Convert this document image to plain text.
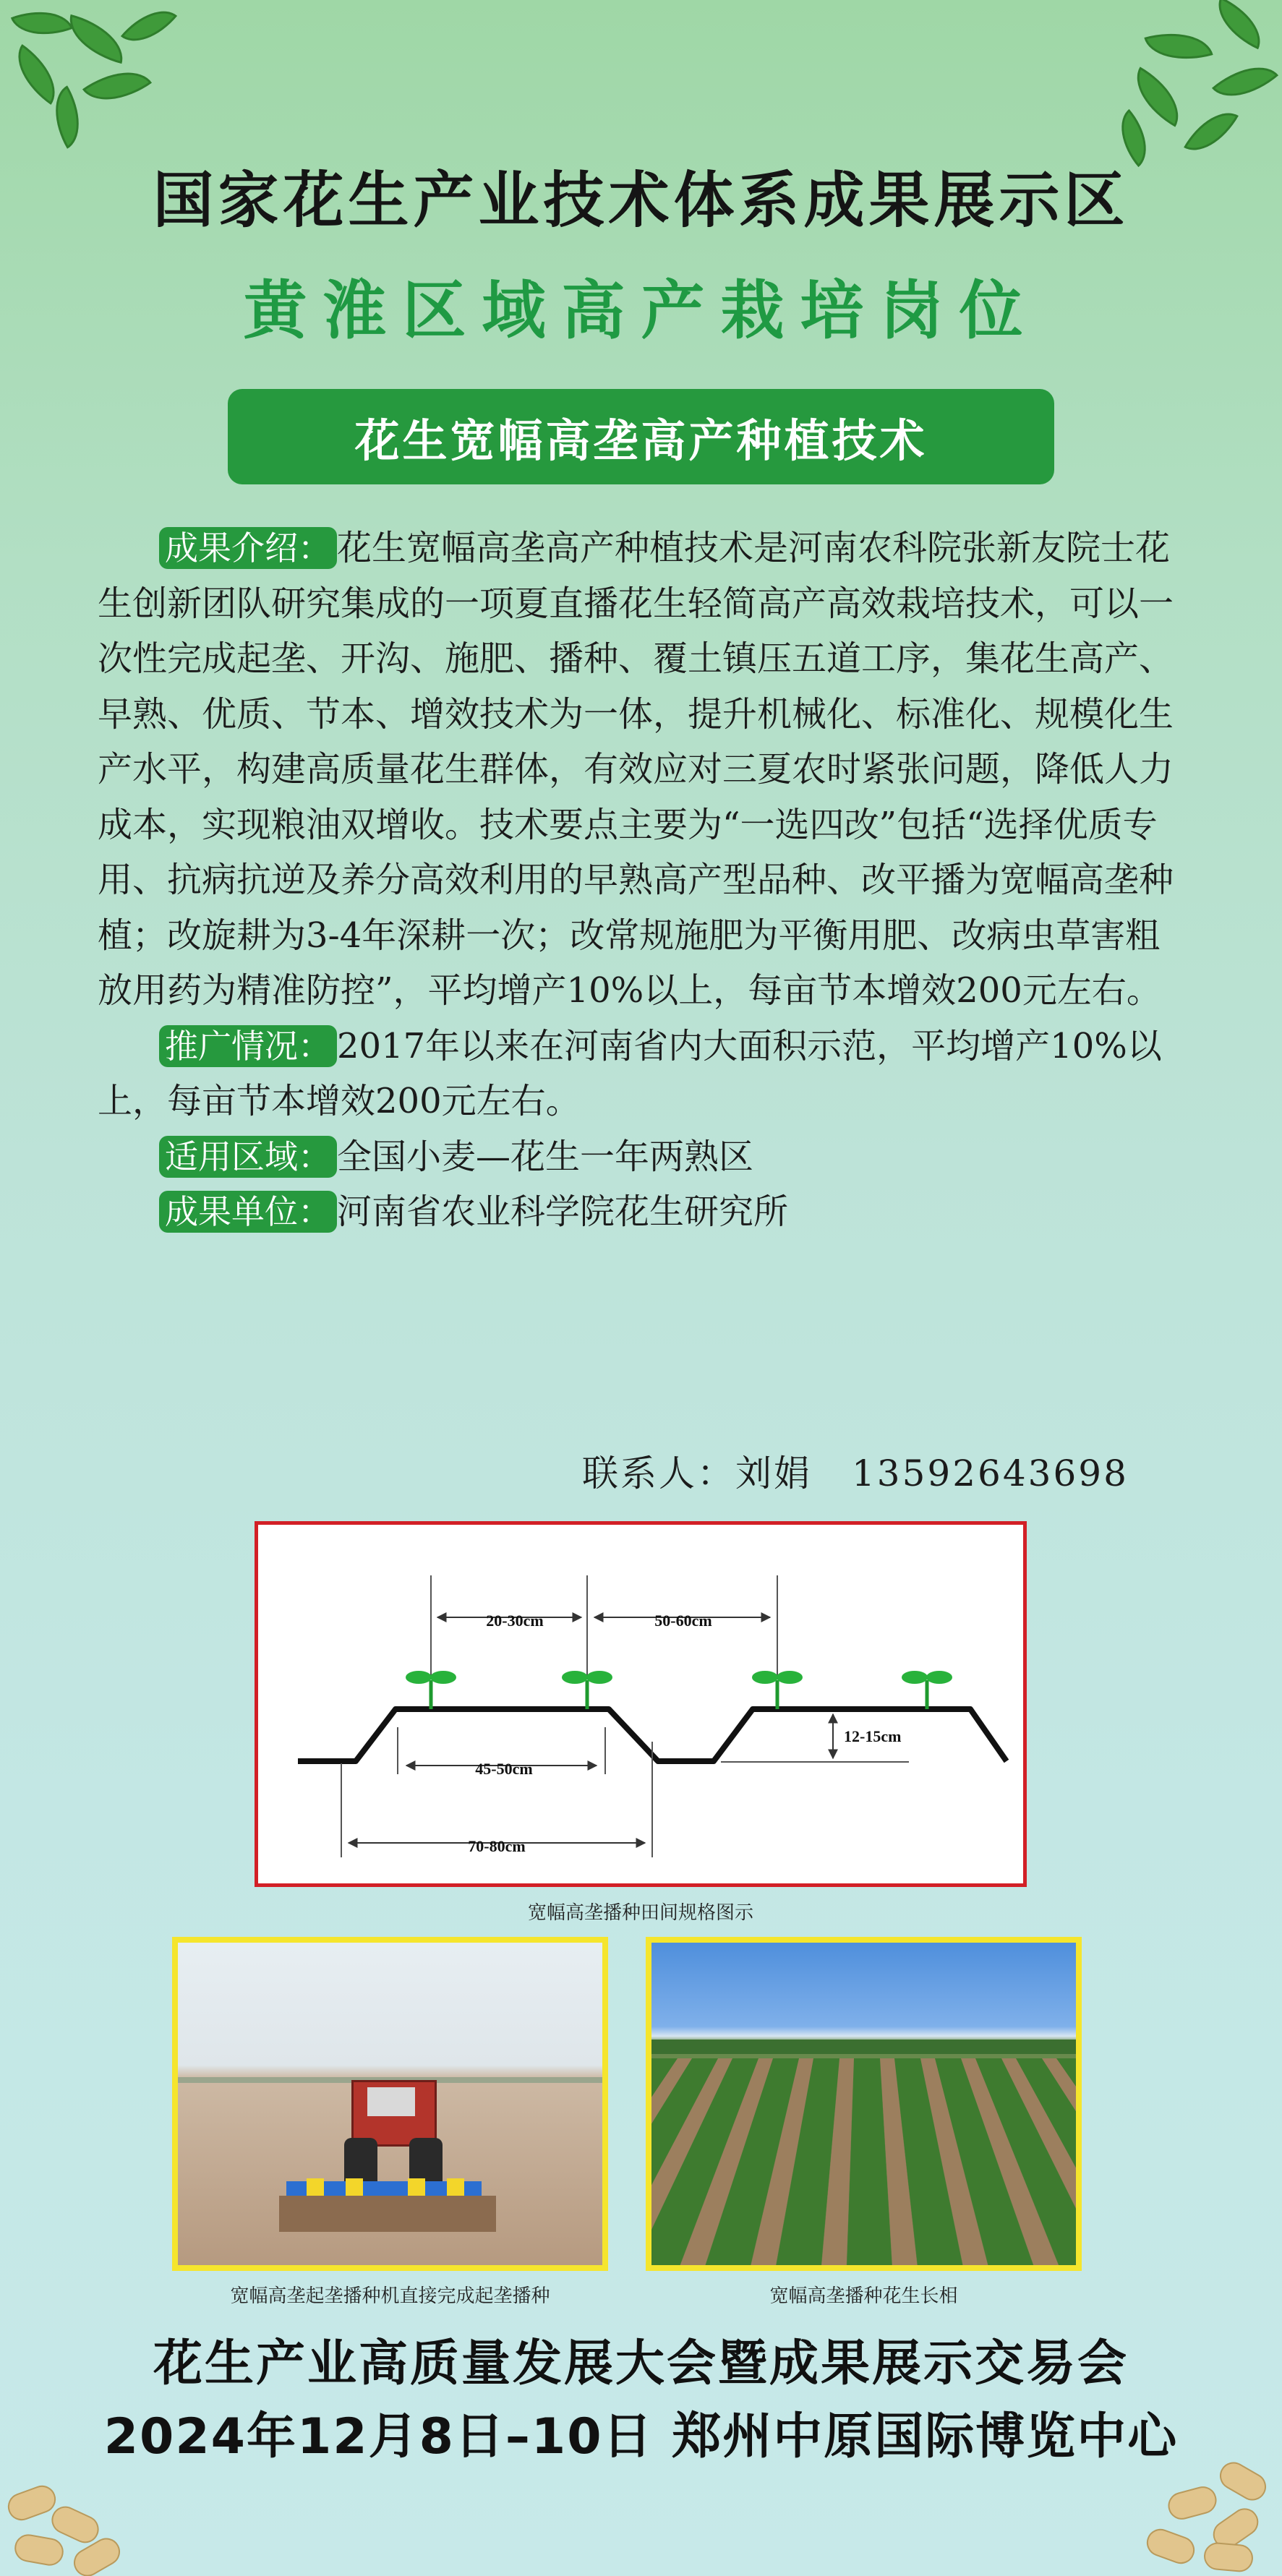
国家花生产业技术体系成果展示区
黄淮区域高产栽培岗位
花生宽幅高垄高产种植技术

成果介绍： 花生宽幅高垄高产种植技术是河南农科院张新友院士花生创新团队研究集成的一项夏直播花生轻简高产高效栽培技术，可以一次性完成起垄、开沟、施肥、播种、覆土镇压五道工序，集花生高产、早熟、优质、节本、增效技术为一体，提升机械化、标准化、规模化生产水平，构建高质量花生群体，有效应对三夏农时紧张问题，降低人力成本，实现粮油双增收。技术要点主要为“一选四改”包括“选择优质专用、抗病抗逆及养分高效利用的早熟高产型品种、改平播为宽幅高垄种植；改旋耕为3-4年深耕一次；改常规施肥为平衡用肥、改病虫草害粗放用药为精准防控”，平均增产10%以上，每亩节本增效200元左右。

推广情况： 2017年以来在河南省内大面积示范，平均增产10%以上，每亩节本增效200元左右。

适用区域： 全国小麦—花生一年两熟区

成果单位： 河南省农业科学院花生研究所

联系人：刘娟 13592643698
20-30cm	50-60cm
45-50cm
12-15cm
70-80cm
宽幅高垄播种田间规格图示
宽幅高垄起垄播种机直接完成起垄播种	宽幅高垄播种花生长相
花生产业高质量发展大会暨成果展示交易会
2024年12月8日–10日 郑州中原国际博览中心
